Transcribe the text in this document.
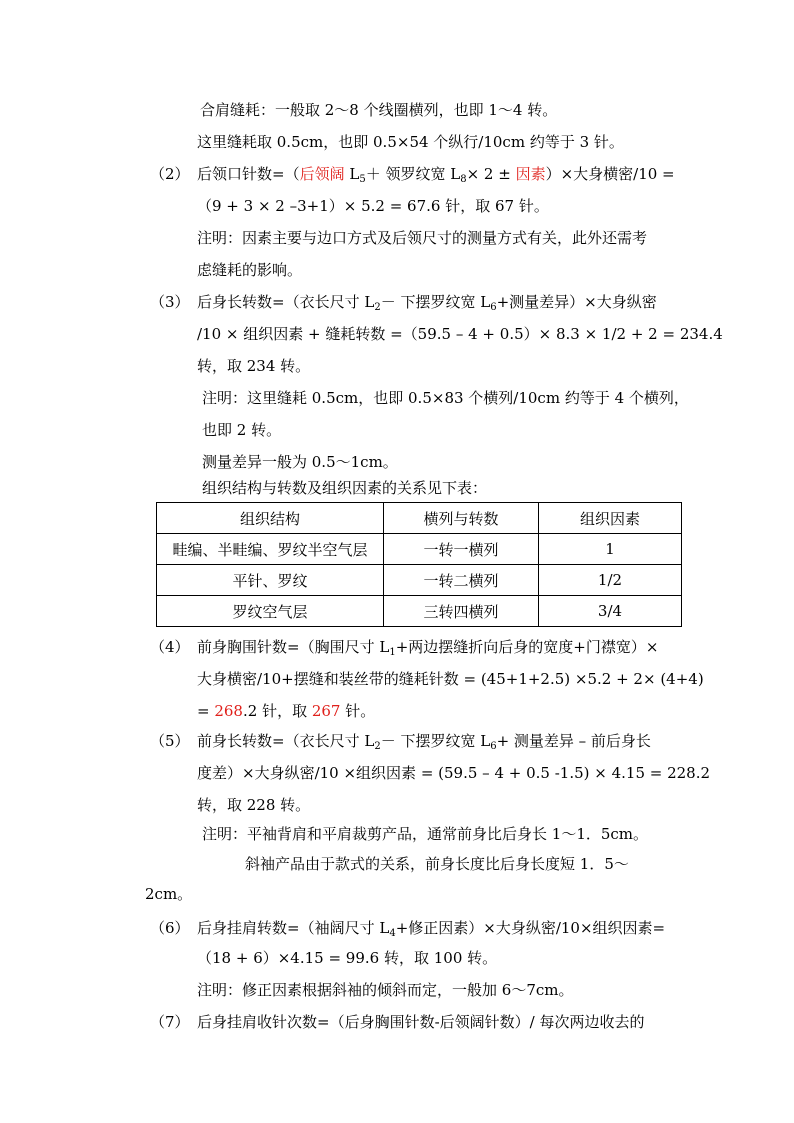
合肩缝耗：一般取 2～8 个线圈横列，也即 1～4 转。
这里缝耗取 0.5cm，也即 0.5×54 个纵行/10cm 约等于 3 针。
（2） 后领口针数=（后领阔 $L_5+$ 领罗纹宽 $L_8\times 2$ ± 因素）×大身横密/10 =
（9 + 3 × 2 –3+1）× 5.2 = 67.6 针，取 67 针。
注明：因素主要与边口方式及后领尺寸的测量方式有关，此外还需考
虑缝耗的影响。
（3） 后身长转数=（衣长尺寸 $L_2-$ 下摆罗纹宽 $L_6+$测量差异）×大身纵密
/10 × 组织因素 + 缝耗转数 =（59.5 – 4 + 0.5）× 8.3 × 1/2 + 2 = 234.4
转，取 234 转。
注明：这里缝耗 0.5cm，也即 0.5×83 个横列/10cm 约等于 4 个横列，
也即 2 转。
测量差异一般为 0.5～1cm。
组织结构与转数及组织因素的关系见下表：
组织结构	横列与转数	组织因素
畦编、半畦编、罗纹半空气层	一转一横列	1
平针、罗纹	一转二横列	1/2
罗纹空气层	三转四横列	3/4
（4） 前身胸围针数=（胸围尺寸 $L_1+$两边摆缝折向后身的宽度+门襟宽）×
大身横密/10+摆缝和装丝带的缝耗针数 = (45+1+2.5) ×5.2 + 2× (4+4)
= 268.2 针，取 267 针。
（5） 前身长转数=（衣长尺寸 $L_2-$ 下摆罗纹宽 $L_6+$ 测量差异 – 前后身长
度差）×大身纵密/10 ×组织因素 = (59.5 – 4 + 0.5 -1.5) × 4.15 = 228.2
转，取 228 转。
注明：平袖背肩和平肩裁剪产品，通常前身比后身长 1～1．5cm。
斜袖产品由于款式的关系，前身长度比后身长度短 1．5～
2cm。
（6） 后身挂肩转数=（袖阔尺寸 $L_4+$修正因素）×大身纵密/10×组织因素=
（18 + 6）×4.15 = 99.6 转，取 100 转。
注明：修正因素根据斜袖的倾斜而定，一般加 6～7cm。
（7） 后身挂肩收针次数=（后身胸围针数-后领阔针数）/ 每次两边收去的
